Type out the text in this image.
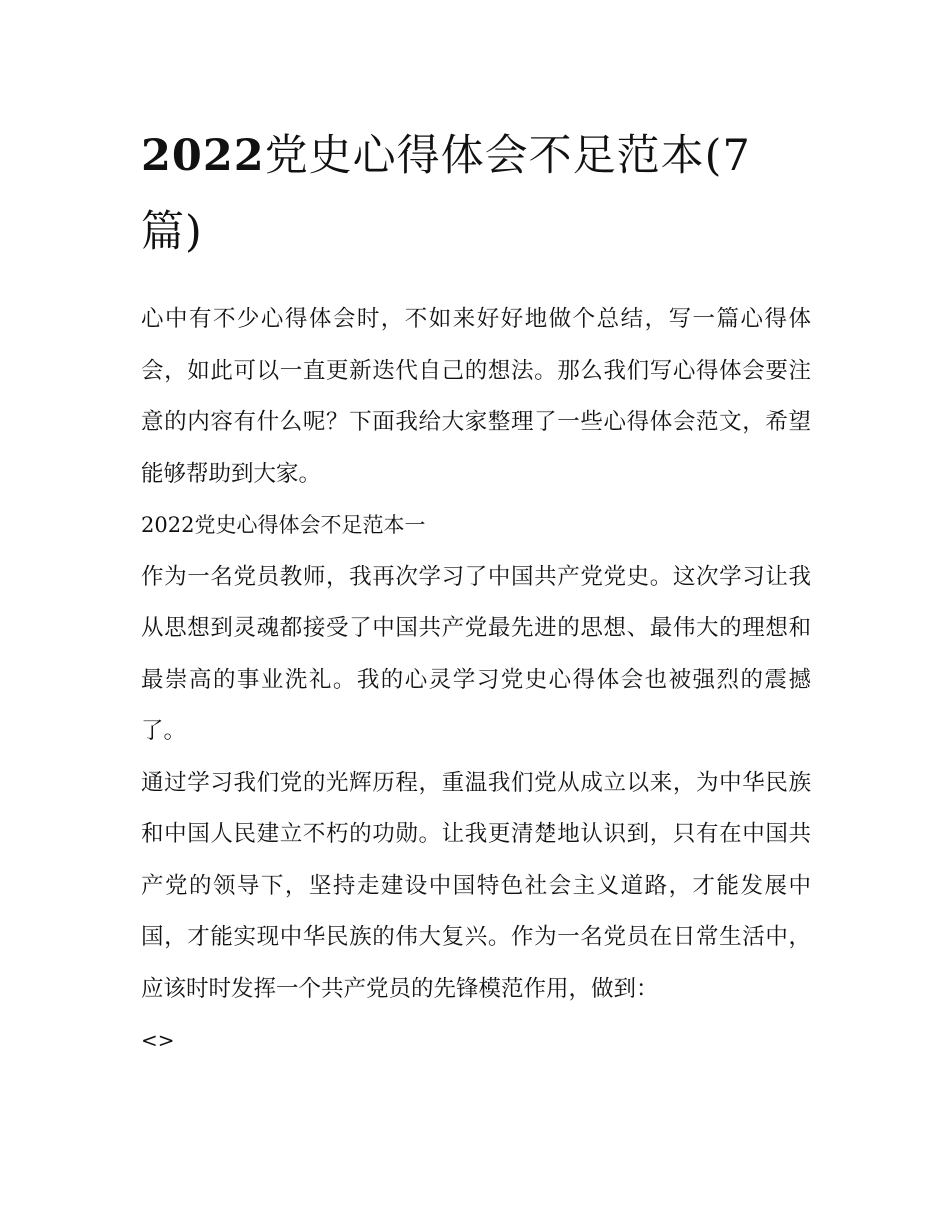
2022党史心得体会不足范本(7篇)

心中有不少心得体会时，不如来好好地做个总结，写一篇心得体会，如此可以一直更新迭代自己的想法。那么我们写心得体会要注意的内容有什么呢？下面我给大家整理了一些心得体会范文，希望能够帮助到大家。

2022党史心得体会不足范本一

作为一名党员教师，我再次学习了中国共产党党史。这次学习让我从思想到灵魂都接受了中国共产党最先进的思想、最伟大的理想和最崇高的事业洗礼。我的心灵学习党史心得体会也被强烈的震撼了。

通过学习我们党的光辉历程，重温我们党从成立以来，为中华民族和中国人民建立不朽的功勋。让我更清楚地认识到，只有在中国共产党的领导下，坚持走建设中国特色社会主义道路，才能发展中国，才能实现中华民族的伟大复兴。作为一名党员在日常生活中，应该时时发挥一个共产党员的先锋模范作用，做到：

<>
